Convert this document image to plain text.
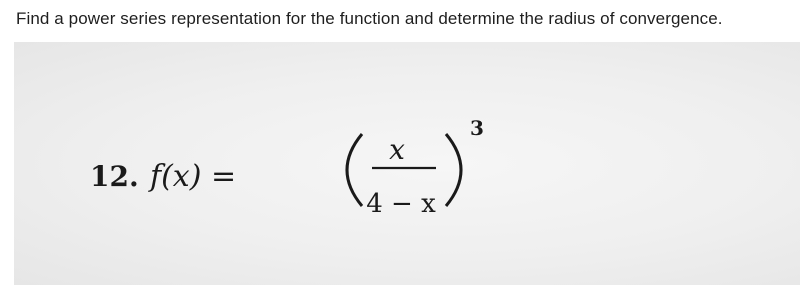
Find a power series representation for the function and determine the radius of convergence.
12. f(x) =
x
4 − x
3
